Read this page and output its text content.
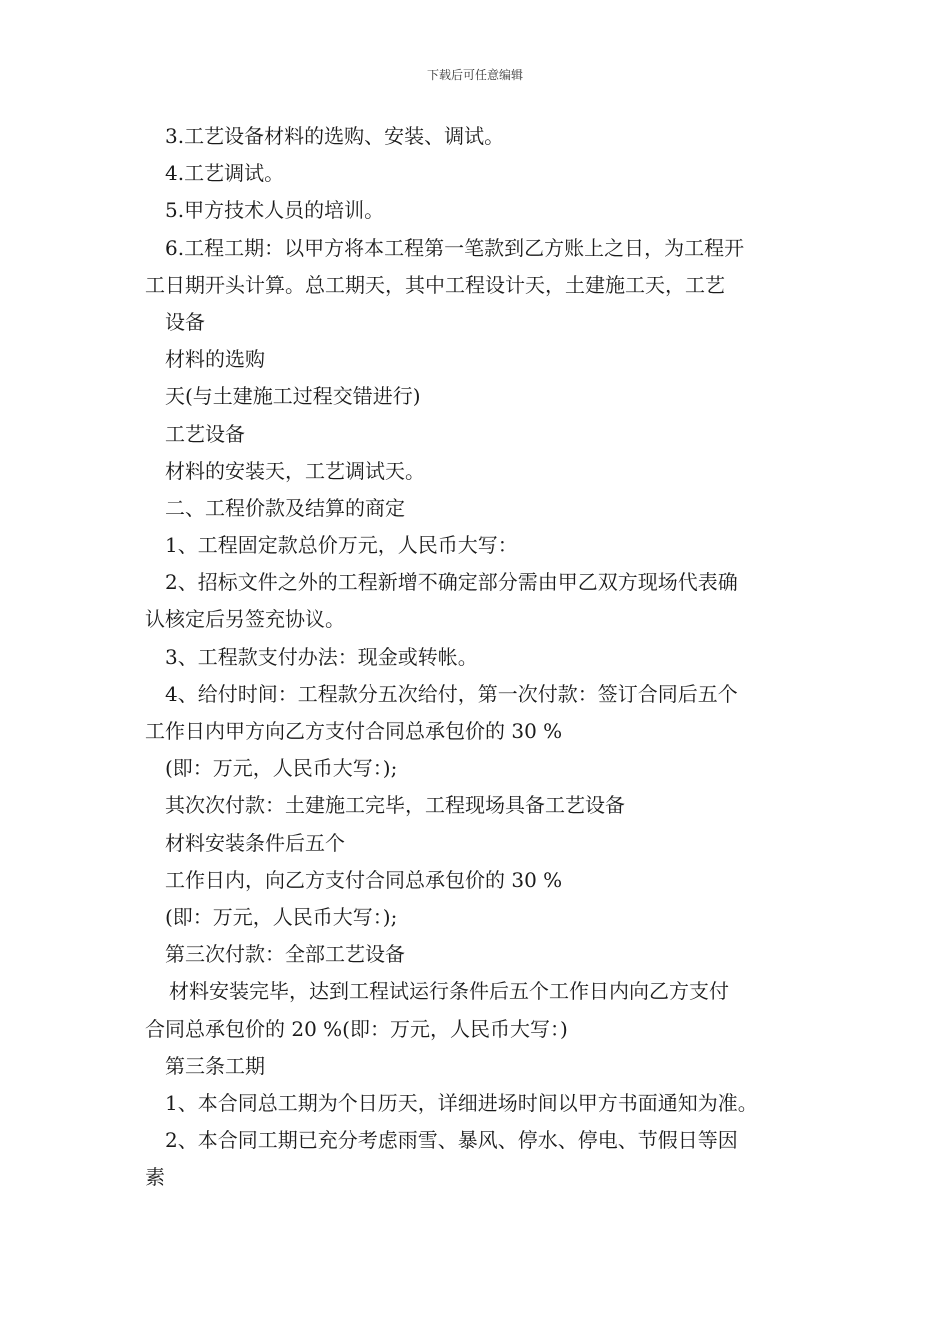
下载后可任意编辑
3.工艺设备材料的选购、安装、调试。
4.工艺调试。
5.甲方技术人员的培训。
6.工程工期：以甲方将本工程第一笔款到乙方账上之日，为工程开
工日期开头计算。总工期天，其中工程设计天，土建施工天，工艺
设备
材料的选购
天(与土建施工过程交错进行)
工艺设备
材料的安装天，工艺调试天。
二、工程价款及结算的商定
1、工程固定款总价万元，人民币大写：
2、招标文件之外的工程新增不确定部分需由甲乙双方现场代表确
认核定后另签充协议。
3、工程款支付办法：现金或转帐。
4、给付时间：工程款分五次给付，第一次付款：签订合同后五个
工作日内甲方向乙方支付合同总承包价的 30 %
(即：万元，人民币大写：);
其次次付款：土建施工完毕，工程现场具备工艺设备
材料安装条件后五个
工作日内，向乙方支付合同总承包价的 30 %
(即：万元，人民币大写：);
第三次付款：全部工艺设备
材料安装完毕，达到工程试运行条件后五个工作日内向乙方支付
合同总承包价的 20 %(即：万元，人民币大写：)
第三条工期
1、本合同总工期为个日历天，详细进场时间以甲方书面通知为准。
2、本合同工期已充分考虑雨雪、暴风、停水、停电、节假日等因
素
